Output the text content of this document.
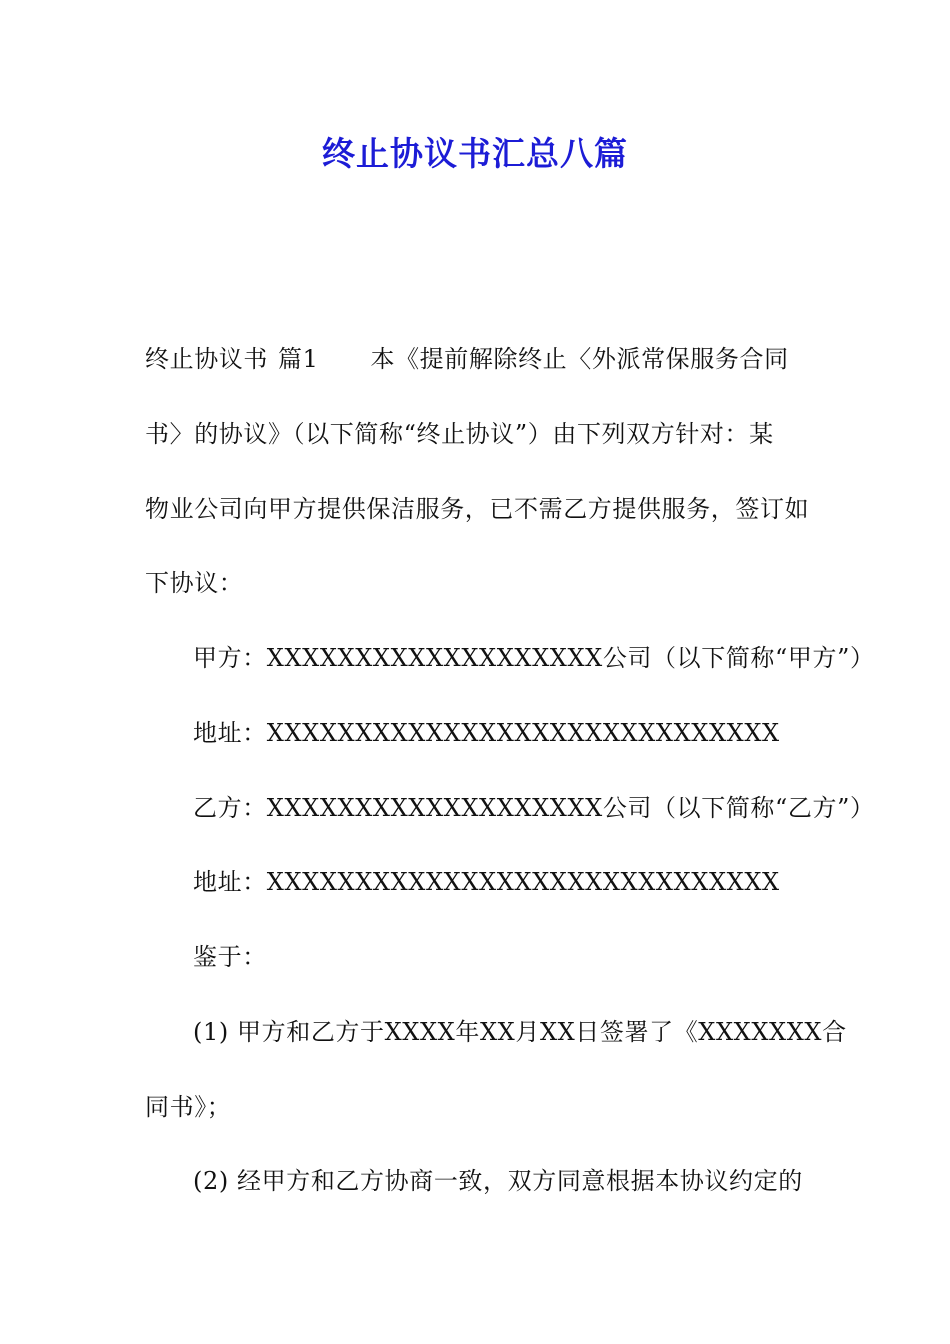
终止协议书汇总八篇
终止协议书 篇1 本《提前解除终止〈外派常保服务合同
书〉的协议》（以下简称“终止协议”）由下列双方针对：某
物业公司向甲方提供保洁服务，已不需乙方提供服务，签订如
下协议：
甲方：XXXXXXXXXXXXXXXXXXX公司（以下简称“甲方”）
地址：XXXXXXXXXXXXXXXXXXXXXXXXXXXXX
乙方：XXXXXXXXXXXXXXXXXXX公司（以下简称“乙方”）
地址：XXXXXXXXXXXXXXXXXXXXXXXXXXXXX
鉴于：
(1) 甲方和乙方于XXXX年XX月XX日签署了《XXXXXXX合
同书》；
(2) 经甲方和乙方协商一致，双方同意根据本协议约定的
